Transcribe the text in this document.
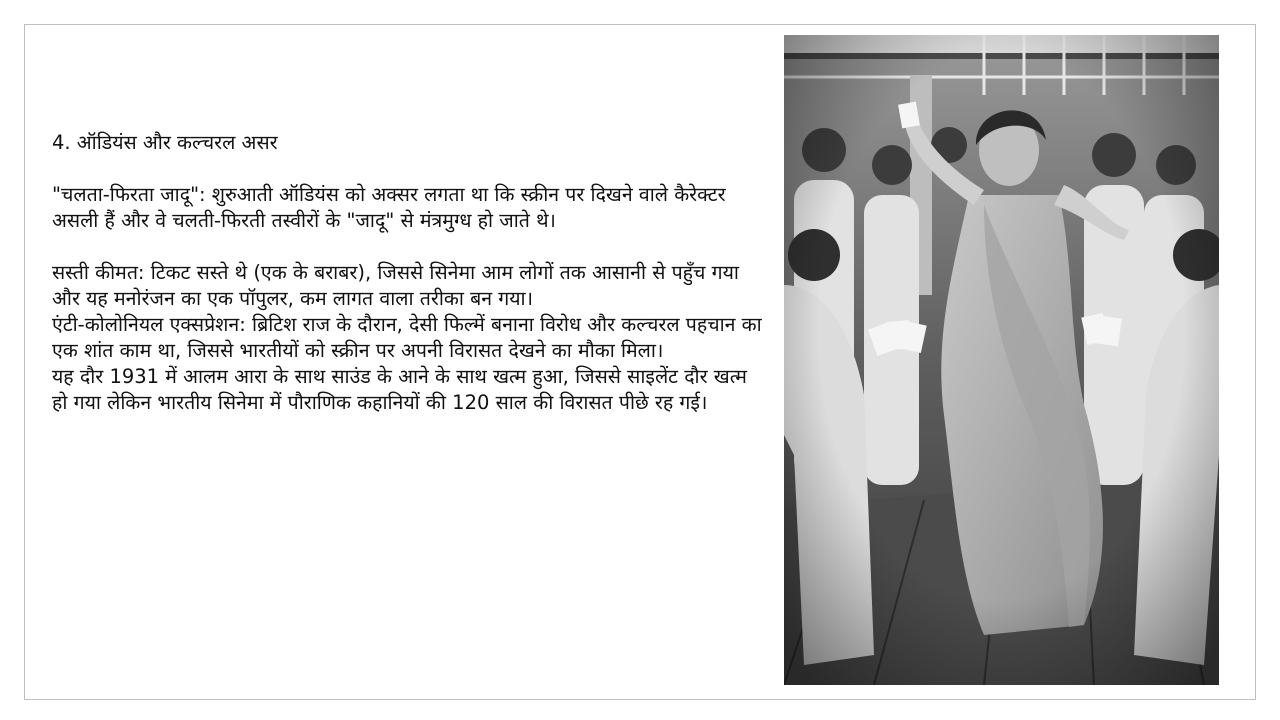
4. ऑडियंस और कल्चरल असर

"चलता-फिरता जादू": शुरुआती ऑडियंस को अक्सर लगता था कि स्क्रीन पर दिखने वाले कैरेक्टर असली हैं और वे चलती-फिरती तस्वीरों के "जादू" से मंत्रमुग्ध हो जाते थे।

सस्ती कीमत: टिकट सस्ते थे (एक के बराबर), जिससे सिनेमा आम लोगों तक आसानी से पहुँच गया और यह मनोरंजन का एक पॉपुलर, कम लागत वाला तरीका बन गया।

एंटी-कोलोनियल एक्सप्रेशन: ब्रिटिश राज के दौरान, देसी फिल्में बनाना विरोध और कल्चरल पहचान का एक शांत काम था, जिससे भारतीयों को स्क्रीन पर अपनी विरासत देखने का मौका मिला।

यह दौर 1931 में आलम आरा के साथ साउंड के आने के साथ खत्म हुआ, जिससे साइलेंट दौर खत्म हो गया लेकिन भारतीय सिनेमा में पौराणिक कहानियों की 120 साल की विरासत पीछे रह गई।
